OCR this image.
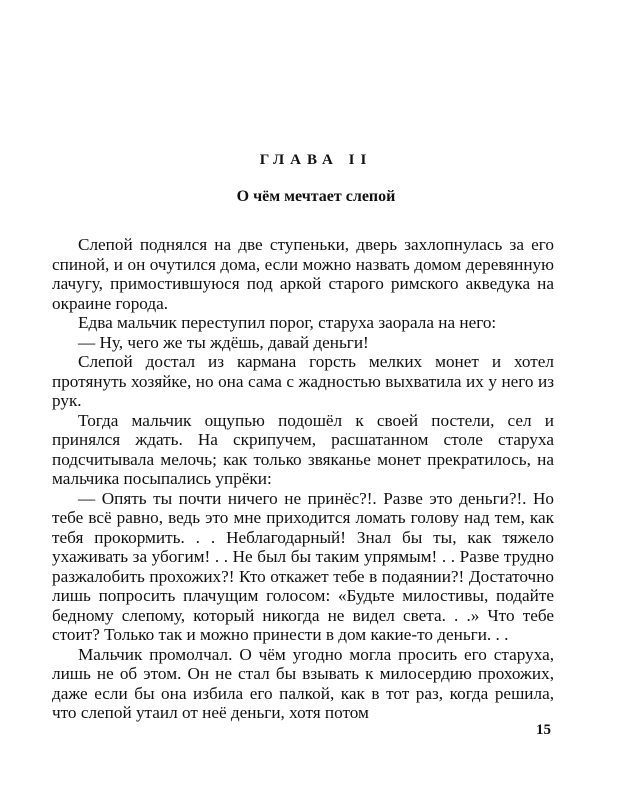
ГЛАВА II
О чём мечтает слепой

Слепой поднялся на две ступеньки, дверь захлопнулась за его спиной, и он очутился дома, если можно назвать домом деревянную лачугу, примостившуюся под аркой старого римского акведука на окраине города.

Едва мальчик переступил порог, старуха заорала на него:

— Ну, чего же ты ждёшь, давай деньги!

Слепой достал из кармана горсть мелких монет и хотел протянуть хозяйке, но она сама с жадностью выхватила их у него из рук.

Тогда мальчик ощупью подошёл к своей постели, сел и принялся ждать. На скрипучем, расшатанном столе старуха подсчитывала мелочь; как только звяканье монет прекратилось, на мальчика посыпались упрёки:

— Опять ты почти ничего не принёс?!. Разве это деньги?!. Но тебе всё равно, ведь это мне приходится ломать голову над тем, как тебя прокормить. . . Неблагодарный! Знал бы ты, как тяжело ухаживать за убогим! . . Не был бы таким упрямым! . . Разве трудно разжалобить прохожих?! Кто откажет тебе в подаянии?! Достаточно лишь попросить плачущим голосом: «Будьте милостивы, подайте бедному слепому, который никогда не видел света. . .» Что тебе стоит? Только так и можно принести в дом какие-то деньги. . .

Мальчик промолчал. О чём угодно могла просить его старуха, лишь не об этом. Он не стал бы взывать к милосердию прохожих, даже если бы она избила его палкой, как в тот раз, когда решила, что слепой утаил от неё деньги, хотя потом

15
